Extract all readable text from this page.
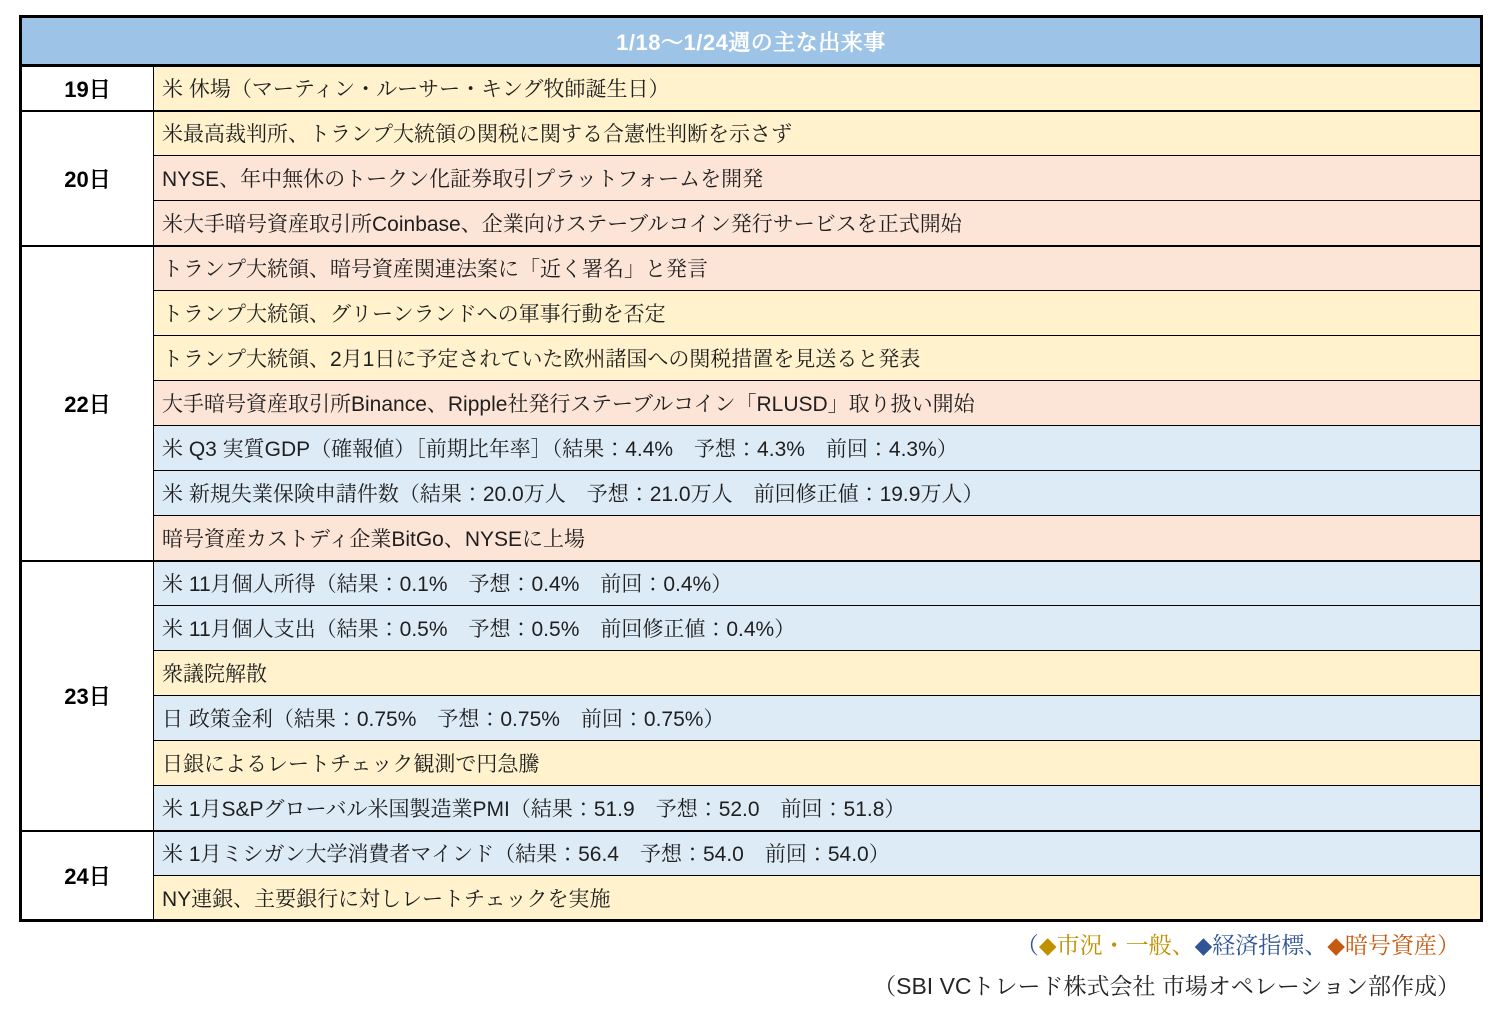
1/18～1/24週の主な出来事	
19日	米 休場（マーティン・ルーサー・キング牧師誕生日）
20日	米最高裁判所、トランプ大統領の関税に関する合憲性判断を示さず
	NYSE、年中無休のトークン化証券取引プラットフォームを開発
	米大手暗号資産取引所Coinbase、企業向けステーブルコイン発行サービスを正式開始
22日	トランプ大統領、暗号資産関連法案に「近く署名」と発言
	トランプ大統領、グリーンランドへの軍事行動を否定
	トランプ大統領、2月1日に予定されていた欧州諸国への関税措置を見送ると発表
	大手暗号資産取引所Binance、Ripple社発行ステーブルコイン「RLUSD」取り扱い開始
	米 Q3 実質GDP（確報値）［前期比年率］（結果：4.4%　予想：4.3%　前回：4.3%）
	米 新規失業保険申請件数（結果：20.0万人　予想：21.0万人　前回修正値：19.9万人）
	暗号資産カストディ企業BitGo、NYSEに上場
23日	米 11月個人所得（結果：0.1%　予想：0.4%　前回：0.4%）
	米 11月個人支出（結果：0.5%　予想：0.5%　前回修正値：0.4%）
	衆議院解散
	日 政策金利（結果：0.75%　予想：0.75%　前回：0.75%）
	日銀によるレートチェック観測で円急騰
	米 1月S&Pグローバル米国製造業PMI（結果：51.9　予想：52.0　前回：51.8）
24日	米 1月ミシガン大学消費者マインド（結果：56.4　予想：54.0　前回：54.0）
	NY連銀、主要銀行に対しレートチェックを実施
（◆市況・一般、◆経済指標、◆暗号資産）
（SBI VCトレード株式会社 市場オペレーション部作成）
